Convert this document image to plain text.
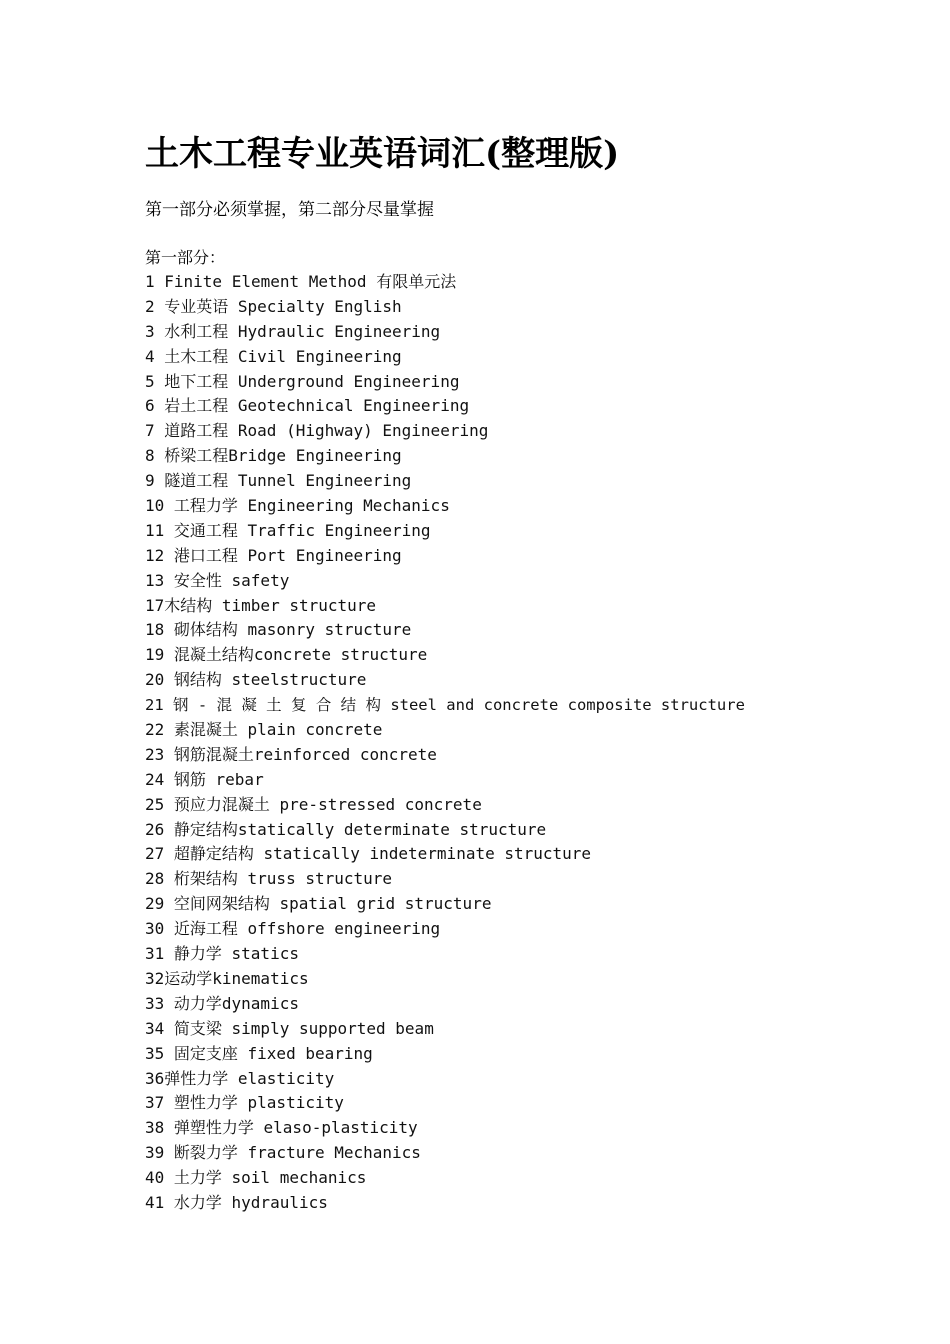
土木工程专业英语词汇(整理版)

第一部分必须掌握，第二部分尽量掌握

第一部分：

1 Finite Element Method 有限单元法
2 专业英语 Specialty English
3 水利工程 Hydraulic Engineering
4 土木工程 Civil Engineering
5 地下工程 Underground Engineering
6 岩土工程 Geotechnical Engineering
7 道路工程 Road (Highway) Engineering
8 桥梁工程Bridge Engineering
9 隧道工程 Tunnel Engineering
10 工程力学 Engineering Mechanics
11 交通工程 Traffic Engineering
12 港口工程 Port Engineering
13 安全性 safety
17木结构 timber structure
18 砌体结构 masonry structure
19 混凝土结构concrete structure
20 钢结构 steelstructure
21 钢 - 混 凝 土 复 合 结 构 steel and concrete composite structure
22 素混凝土 plain concrete
23 钢筋混凝土reinforced concrete
24 钢筋 rebar
25 预应力混凝土 pre-stressed concrete
26 静定结构statically determinate structure
27 超静定结构 statically indeterminate structure
28 桁架结构 truss structure
29 空间网架结构 spatial grid structure
30 近海工程 offshore engineering
31 静力学 statics
32运动学kinematics
33 动力学dynamics
34 简支梁 simply supported beam
35 固定支座 fixed bearing
36弹性力学 elasticity
37 塑性力学 plasticity
38 弹塑性力学 elaso-plasticity
39 断裂力学 fracture Mechanics
40 土力学 soil mechanics
41 水力学 hydraulics
